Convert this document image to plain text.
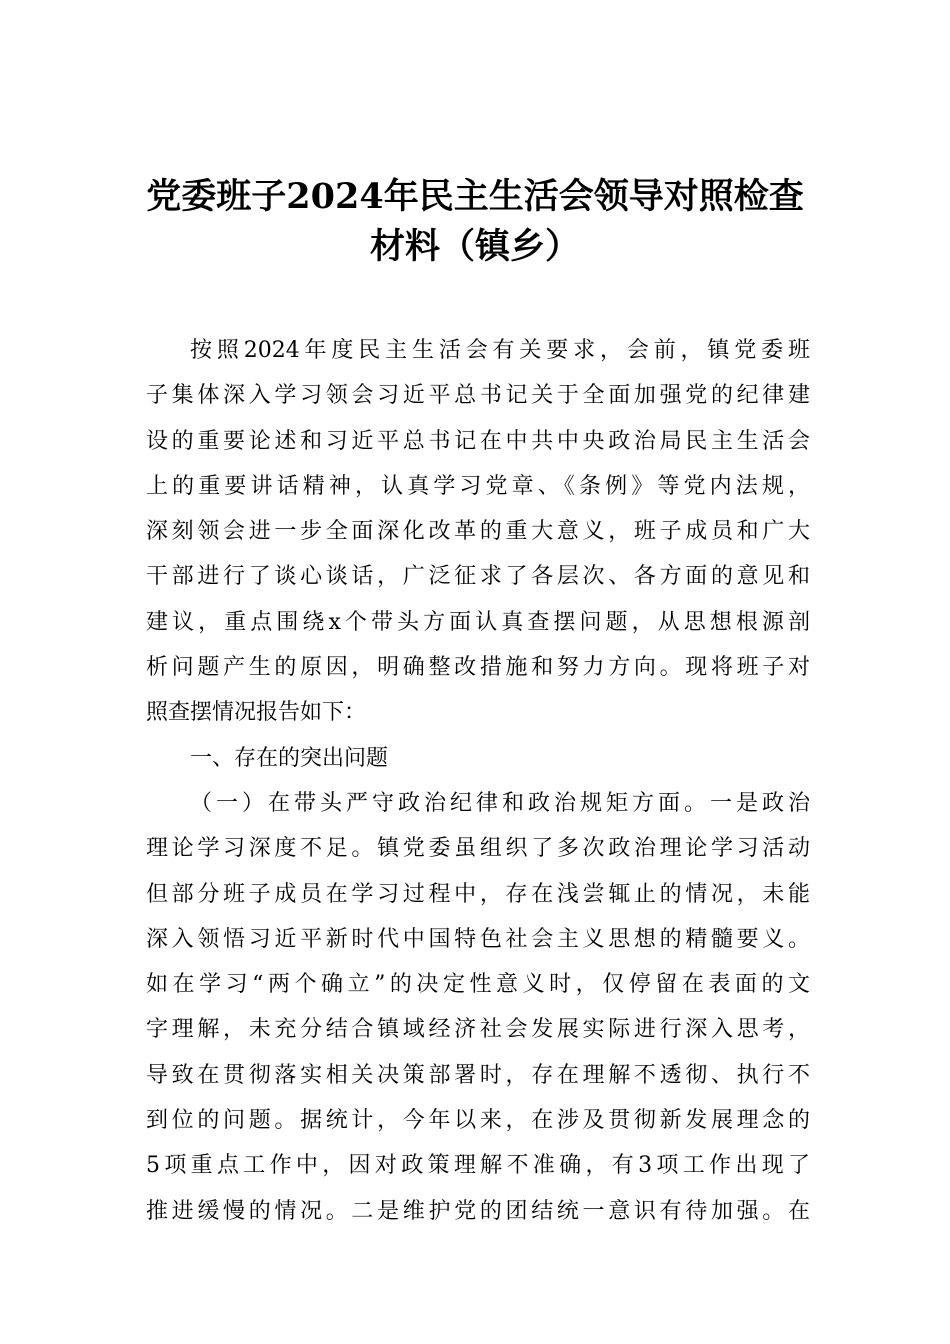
党委班子2024年民主生活会领导对照检查
材料（镇乡）
按照2024年度民主生活会有关要求，会前，镇党委班
子集体深入学习领会习近平总书记关于全面加强党的纪律建
设的重要论述和习近平总书记在中共中央政治局民主生活会
上的重要讲话精神，认真学习党章、《条例》等党内法规，
深刻领会进一步全面深化改革的重大意义，班子成员和广大
干部进行了谈心谈话，广泛征求了各层次、各方面的意见和
建议，重点围绕x个带头方面认真查摆问题，从思想根源剖
析问题产生的原因，明确整改措施和努力方向。现将班子对
照查摆情况报告如下：
一、存在的突出问题
（一）在带头严守政治纪律和政治规矩方面。一是政治
理论学习深度不足。镇党委虽组织了多次政治理论学习活动
但部分班子成员在学习过程中，存在浅尝辄止的情况，未能
深入领悟习近平新时代中国特色社会主义思想的精髓要义。
如在学习“两个确立”的决定性意义时，仅停留在表面的文
字理解，未充分结合镇域经济社会发展实际进行深入思考，
导致在贯彻落实相关决策部署时，存在理解不透彻、执行不
到位的问题。据统计，今年以来，在涉及贯彻新发展理念的
5项重点工作中，因对政策理解不准确，有3项工作出现了
推进缓慢的情况。二是维护党的团结统一意识有待加强。在
